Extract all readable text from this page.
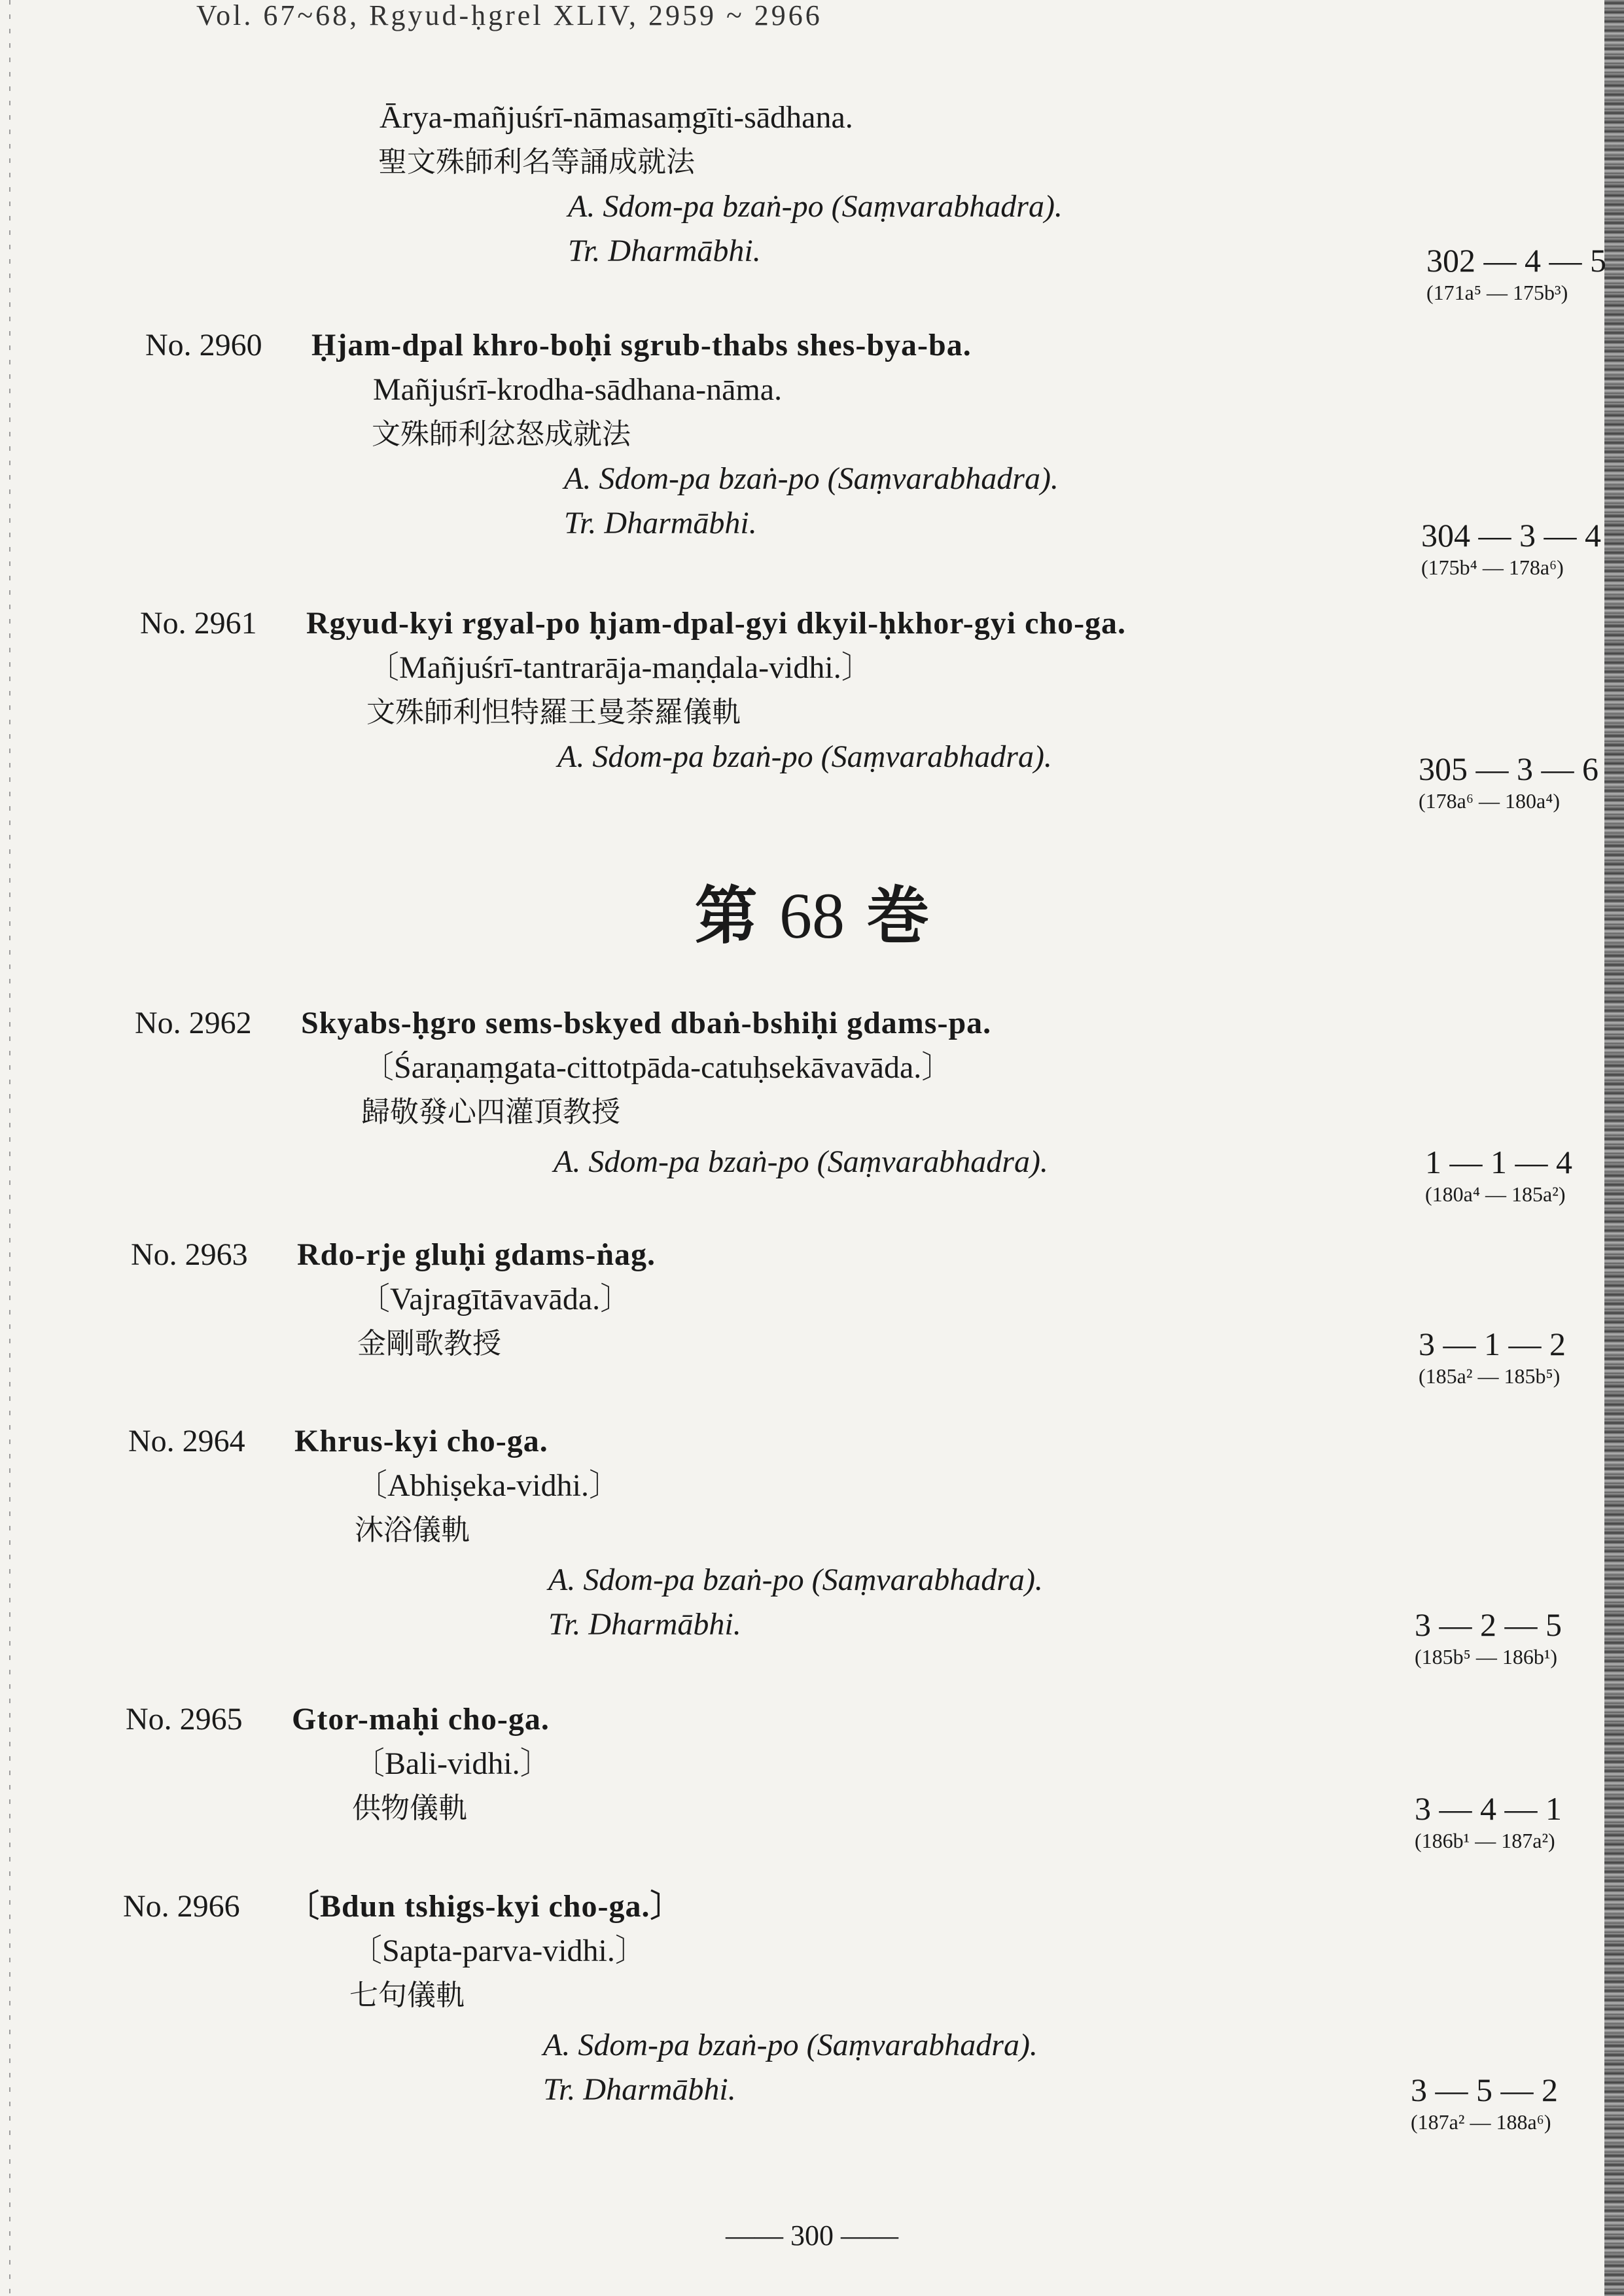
Vol. 67~68, Rgyud-ḥgrel XLIV, 2959 ~ 2966

Ārya-mañjuśrī-nāmasaṃgīti-sādhana.

聖文殊師利名等誦成就法

A. Sdom-pa bzaṅ-po (Saṃvarabhadra).

Tr. Dharmābhi.	302 — 4 — 5
(171a⁵ — 175b³)

No. 2960 Ḥjam-dpal khro-boḥi sgrub-thabs shes-bya-ba.

Mañjuśrī-krodha-sādhana-nāma.

文殊師利忿怒成就法

A. Sdom-pa bzaṅ-po (Saṃvarabhadra).

Tr. Dharmābhi.	304 — 3 — 4
(175b⁴ — 178a⁶)

No. 2961 Rgyud-kyi rgyal-po ḥjam-dpal-gyi dkyil-ḥkhor-gyi cho-ga.

〔Mañjuśrī-tantrarāja-maṇḍala-vidhi.〕

文殊師利怛特羅王曼荼羅儀軌

A. Sdom-pa bzaṅ-po (Saṃvarabhadra).	305 — 3 — 6
(178a⁶ — 180a⁴)

第 68 巻

No. 2962 Skyabs-ḥgro sems-bskyed dbaṅ-bshiḥi gdams-pa.

〔Śaraṇaṃgata-cittotpāda-catuḥsekāvavāda.〕

歸敬發心四灌頂教授

A. Sdom-pa bzaṅ-po (Saṃvarabhadra).	1 — 1 — 4
(180a⁴ — 185a²)

No. 2963 Rdo-rje gluḥi gdams-ṅag.

〔Vajragītāvavāda.〕

金剛歌教授	3 — 1 — 2
(185a² — 185b⁵)

No. 2964 Khrus-kyi cho-ga.

〔Abhiṣeka-vidhi.〕

沐浴儀軌

A. Sdom-pa bzaṅ-po (Saṃvarabhadra).

Tr. Dharmābhi.	3 — 2 — 5
(185b⁵ — 186b¹)

No. 2965 Gtor-maḥi cho-ga.

〔Bali-vidhi.〕

供物儀軌	3 — 4 — 1
(186b¹ — 187a²)

No. 2966 〔Bdun tshigs-kyi cho-ga.〕

〔Sapta-parva-vidhi.〕

七句儀軌

A. Sdom-pa bzaṅ-po (Saṃvarabhadra).

Tr. Dharmābhi.	3 — 5 — 2
(187a² — 188a⁶)

—— 300 ——
